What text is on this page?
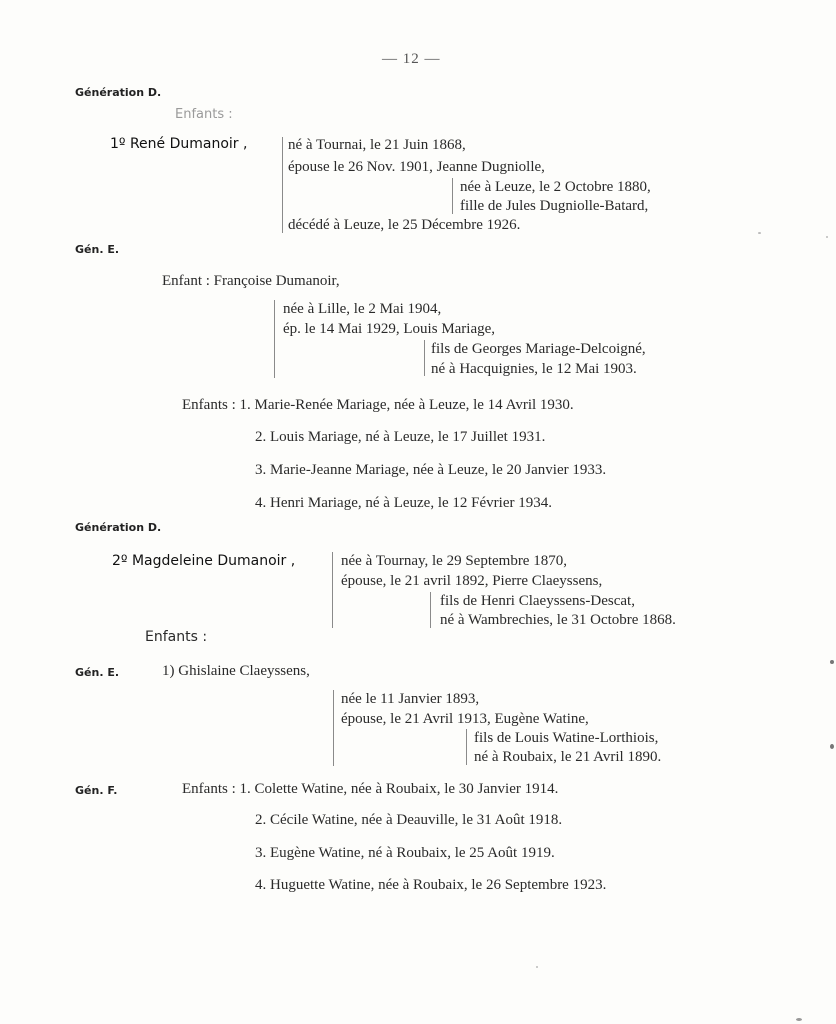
— 12 —
Génération D.
Enfants :
1º René Dumanoir ,	né à Tournai, le 21 Juin 1868,
épouse le 26 Nov. 1901, Jeanne Dugniolle,
née à Leuze, le 2 Octobre 1880,
fille de Jules Dugniolle-Batard,
décédé à Leuze, le 25 Décembre 1926.
Gén. E.
Enfant : Françoise Dumanoir,
née à Lille, le 2 Mai 1904,
ép. le 14 Mai 1929, Louis Mariage,
fils de Georges Mariage-Delcoigné,
né à Hacquignies, le 12 Mai 1903.
Enfants : 1. Marie-Renée Mariage, née à Leuze, le 14 Avril 1930.
2. Louis Mariage, né à Leuze, le 17 Juillet 1931.
3. Marie-Jeanne Mariage, née à Leuze, le 20 Janvier 1933.
4. Henri Mariage, né à Leuze, le 12 Février 1934.
Génération D.
2º Magdeleine Dumanoir ,	née à Tournay, le 29 Septembre 1870,
épouse, le 21 avril 1892, Pierre Claeyssens,
fils de Henri Claeyssens-Descat,
né à Wambrechies, le 31 Octobre 1868.
Enfants :
Gén. E.	1) Ghislaine Claeyssens,
née le 11 Janvier 1893,
épouse, le 21 Avril 1913, Eugène Watine,
fils de Louis Watine-Lorthiois,
né à Roubaix, le 21 Avril 1890.
Gén. F.	Enfants : 1. Colette Watine, née à Roubaix, le 30 Janvier 1914.
2. Cécile Watine, née à Deauville, le 31 Août 1918.
3. Eugène Watine, né à Roubaix, le 25 Août 1919.
4. Huguette Watine, née à Roubaix, le 26 Septembre 1923.
